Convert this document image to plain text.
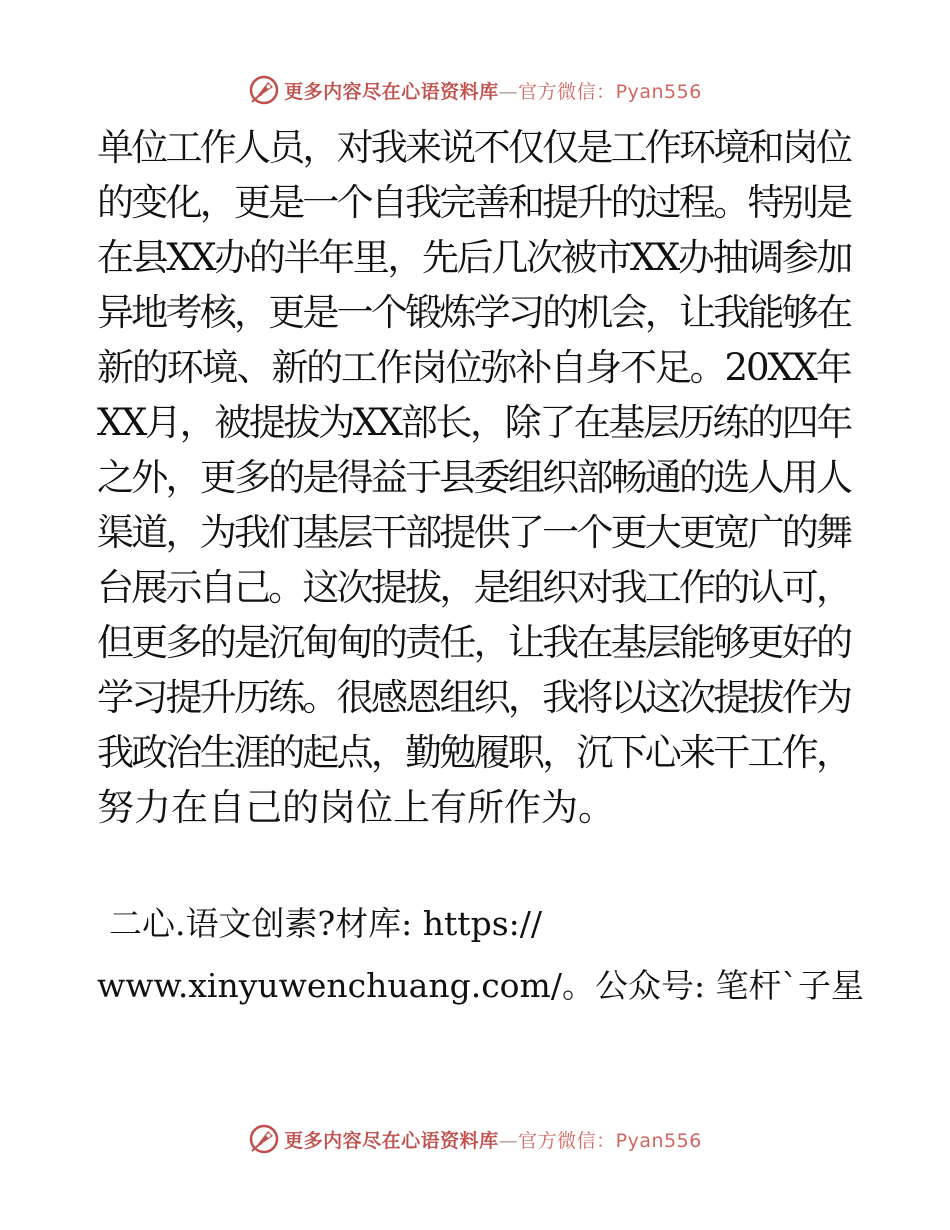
更多内容尽在心语资料库—官方微信：Pyan556
单位工作人员，对我来说不仅仅是工作环境和岗位
的变化，更是一个自我完善和提升的过程。特别是
在县XX办的半年里，先后几次被市XX办抽调参加
异地考核，更是一个锻炼学习的机会，让我能够在
新的环境、新的工作岗位弥补自身不足。20XX年
XX月，被提拔为XX部长，除了在基层历练的四年
之外，更多的是得益于县委组织部畅通的选人用人
渠道，为我们基层干部提供了一个更大更宽广的舞
台展示自己。这次提拔，是组织对我工作的认可，
但更多的是沉甸甸的责任，让我在基层能够更好的
学习提升历练。很感恩组织，我将以这次提拔作为
我政治生涯的起点，勤勉履职，沉下心来干工作，
努力在自己的岗位上有所作为。
二心.语文创素?材库: https://
www.xinyuwenchuang.com/。公众号: 笔杆`子星
更多内容尽在心语资料库—官方微信：Pyan556
